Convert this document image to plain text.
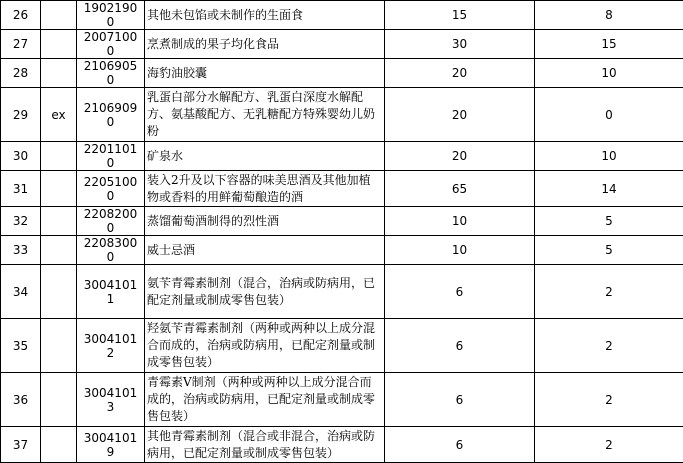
26		19021900	其他未包馅或未制作的生面食	15	8
27		20071000	烹煮制成的果子均化食品	30	15
28		21069050	海豹油胶囊	20	10
29	ex	21069090	乳蛋白部分水解配方、乳蛋白深度水解配方、氨基酸配方、无乳糖配方特殊婴幼儿奶粉	20	0
30		22011010	矿泉水	20	10
31		22051000	装入2升及以下容器的味美思酒及其他加植物或香料的用鲜葡萄酿造的酒	65	14
32		22082000	蒸馏葡萄酒制得的烈性酒	10	5
33		22083000	威士忌酒	10	5
34		30041011	氨苄青霉素制剂（混合，治病或防病用，已配定剂量或制成零售包装）	6	2
35		30041012	羟氨苄青霉素制剂（两种或两种以上成分混合而成的，治病或防病用，已配定剂量或制成零售包装）	6	2
36		30041013	青霉素V制剂（两种或两种以上成分混合而成的，治病或防病用，已配定剂量或制成零售包装）	6	2
37		30041019	其他青霉素制剂（混合或非混合，治病或防病用，已配定剂量或制成零售包装）	6	2
